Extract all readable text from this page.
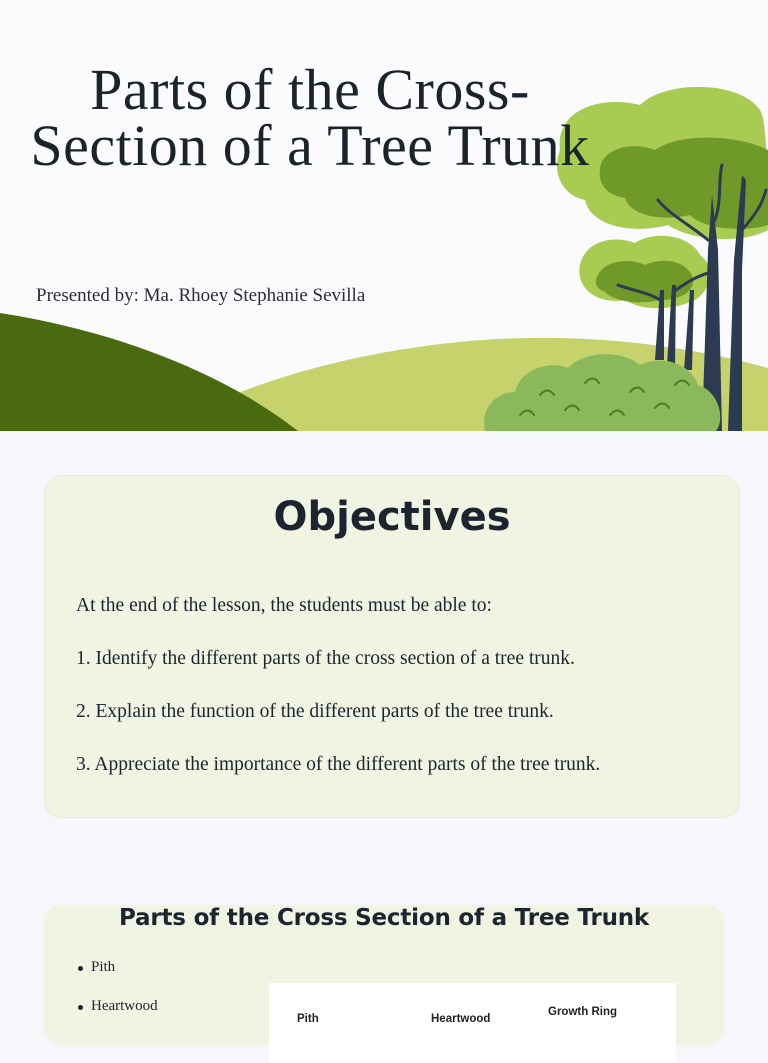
Parts of the Cross-Section of a Tree Trunk

Presented by: Ma. Rhoey Stephanie Sevilla

Objectives
At the end of the lesson, the students must be able to:
1. Identify the different parts of the cross section of a tree trunk.
2. Explain the function of the different parts of the tree trunk.
3. Appreciate the importance of the different parts of the tree trunk.
Parts of the Cross Section of a Tree Trunk
Pith
Heartwood
Pith	Heartwood
Growth Ring
